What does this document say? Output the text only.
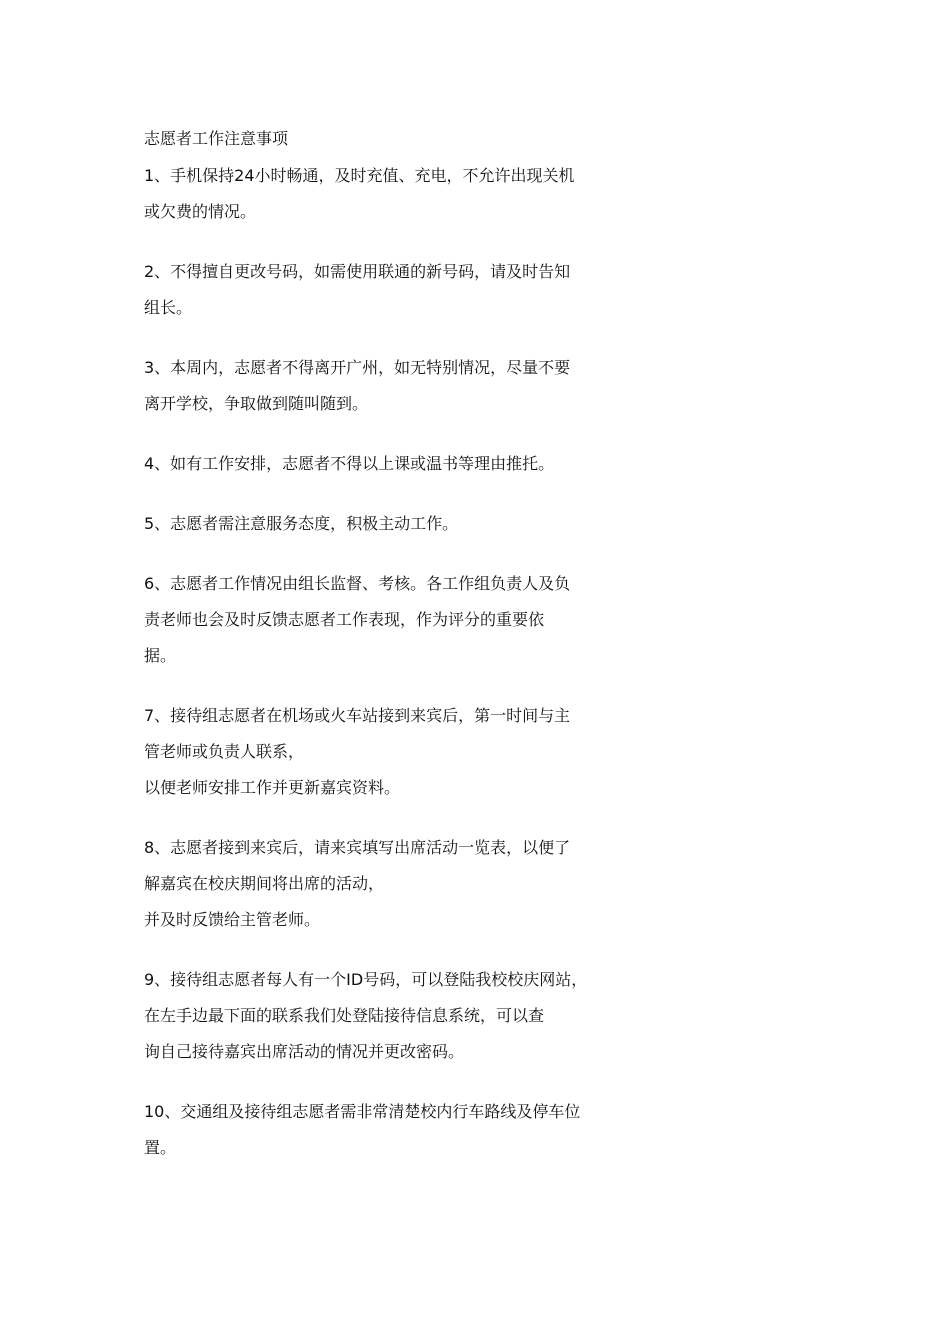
志愿者工作注意事项
1、手机保持24小时畅通，及时充值、充电，不允许出现关机
或欠费的情况。
2、不得擅自更改号码，如需使用联通的新号码，请及时告知
组长。
3、本周内，志愿者不得离开广州，如无特别情况，尽量不要
离开学校，争取做到随叫随到。
4、如有工作安排，志愿者不得以上课或温书等理由推托。
5、志愿者需注意服务态度，积极主动工作。
6、志愿者工作情况由组长监督、考核。各工作组负责人及负
责老师也会及时反馈志愿者工作表现，作为评分的重要依
据。
7、接待组志愿者在机场或火车站接到来宾后，第一时间与主
管老师或负责人联系，
以便老师安排工作并更新嘉宾资料。
8、志愿者接到来宾后，请来宾填写出席活动一览表，以便了
解嘉宾在校庆期间将出席的活动，
并及时反馈给主管老师。
9、接待组志愿者每人有一个ID号码，可以登陆我校校庆网站，
在左手边最下面的联系我们处登陆接待信息系统，可以查
询自己接待嘉宾出席活动的情况并更改密码。
10、交通组及接待组志愿者需非常清楚校内行车路线及停车位
置。
